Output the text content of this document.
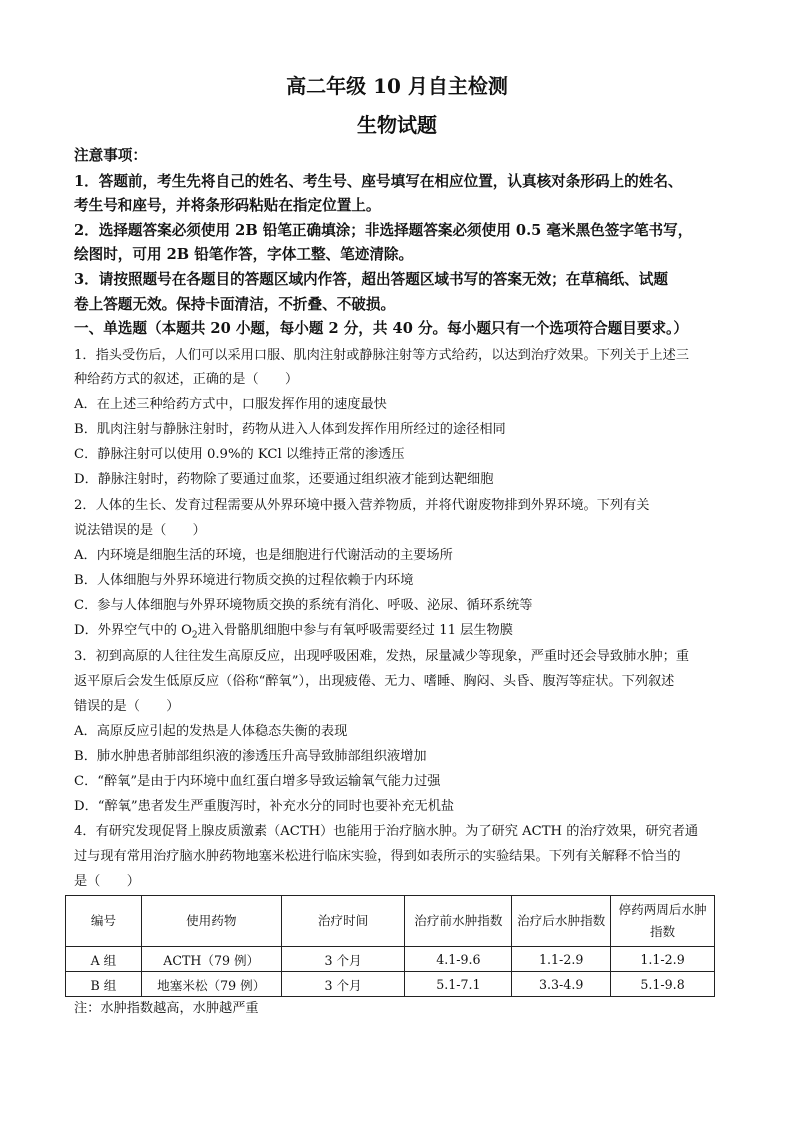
高二年级 10 月自主检测
生物试题
注意事项：
1．答题前，考生先将自己的姓名、考生号、座号填写在相应位置，认真核对条形码上的姓名、
考生号和座号，并将条形码粘贴在指定位置上。
2．选择题答案必须使用 2B 铅笔正确填涂；非选择题答案必须使用 0.5 毫米黑色签字笔书写，
绘图时，可用 2B 铅笔作答，字体工整、笔迹清除。
3．请按照题号在各题目的答题区域内作答，超出答题区域书写的答案无效；在草稿纸、试题
卷上答题无效。保持卡面清洁，不折叠、不破损。
一、单选题（本题共 20 小题，每小题 2 分，共 40 分。每小题只有一个选项符合题目要求。）
1．指头受伤后，人们可以采用口服、肌肉注射或静脉注射等方式给药，以达到治疗效果。下列关于上述三
种给药方式的叙述，正确的是（　　）
A．在上述三种给药方式中，口服发挥作用的速度最快
B．肌肉注射与静脉注射时，药物从进入人体到发挥作用所经过的途径相同
C．静脉注射可以使用 0.9%的 KCl 以维持正常的渗透压
D．静脉注射时，药物除了要通过血浆，还要通过组织液才能到达靶细胞
2．人体的生长、发育过程需要从外界环境中摄入营养物质，并将代谢废物排到外界环境。下列有关
说法错误的是（　　）
A．内环境是细胞生活的环境，也是细胞进行代谢活动的主要场所
B．人体细胞与外界环境进行物质交换的过程依赖于内环境
C．参与人体细胞与外界环境物质交换的系统有消化、呼吸、泌尿、循环系统等
D．外界空气中的 $O_2$进入骨骼肌细胞中参与有氧呼吸需要经过 11 层生物膜
3．初到高原的人往往发生高原反应，出现呼吸困难，发热，尿量减少等现象，严重时还会导致肺水肿；重
返平原后会发生低原反应（俗称“醉氧”），出现疲倦、无力、嗜睡、胸闷、头昏、腹泻等症状。下列叙述
错误的是（　　）
A．高原反应引起的发热是人体稳态失衡的表现
B．肺水肿患者肺部组织液的渗透压升高导致肺部组织液增加
C．“醉氧”是由于内环境中血红蛋白增多导致运输氧气能力过强
D．“醉氧”患者发生严重腹泻时，补充水分的同时也要补充无机盐
4．有研究发现促肾上腺皮质激素（ACTH）也能用于治疗脑水肿。为了研究 ACTH 的治疗效果，研究者通
过与现有常用治疗脑水肿药物地塞米松进行临床实验，得到如表所示的实验结果。下列有关解释不恰当的
是（　　）
编号	使用药物	治疗时间	治疗前水肿指数	治疗后水肿指数	停药两周后水肿指数
A 组	ACTH（79 例）	3 个月	4.1-9.6	1.1-2.9	1.1-2.9
B 组	地塞米松（79 例）	3 个月	5.1-7.1	3.3-4.9	5.1-9.8
注：水肿指数越高，水肿越严重
